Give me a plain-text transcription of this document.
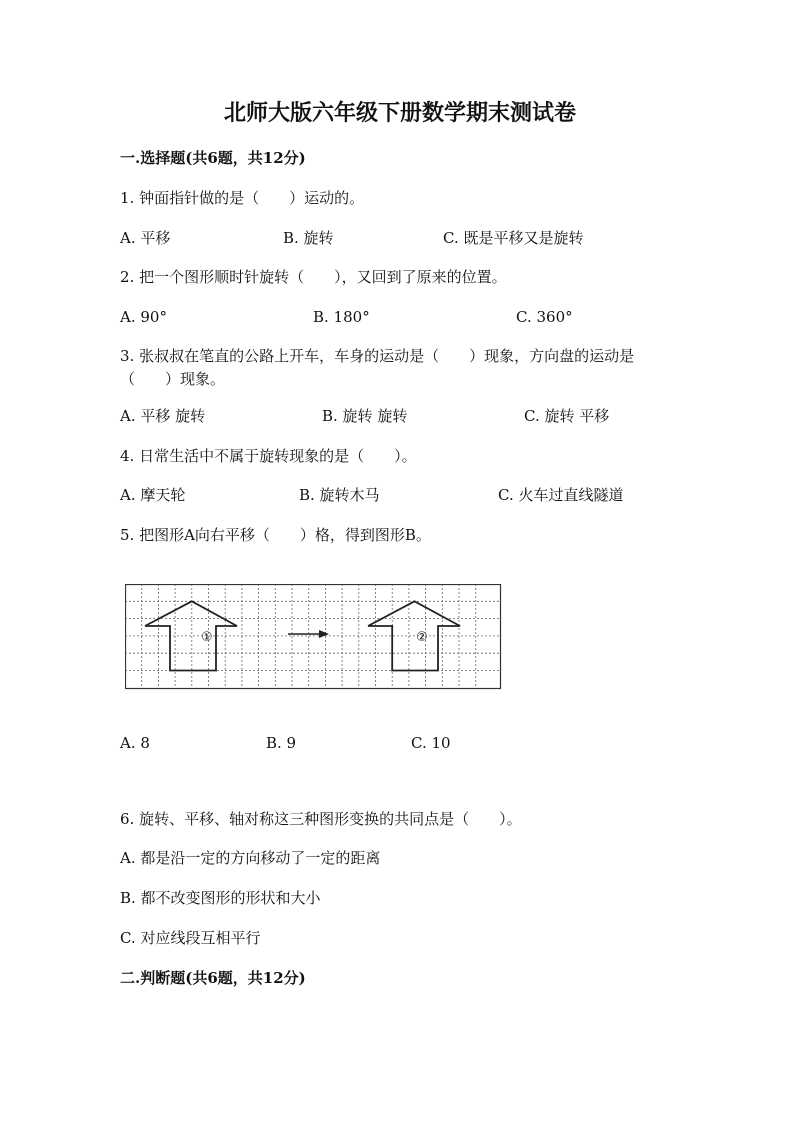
北师大版六年级下册数学期末测试卷
一.选择题(共6题，共12分)
1. 钟面指针做的是（　　）运动的。
A. 平移	B. 旋转	C. 既是平移又是旋转
2. 把一个图形顺时针旋转（　　），又回到了原来的位置。
A. 90°	B. 180°	C. 360°
3. 张叔叔在笔直的公路上开车，车身的运动是（　　）现象，方向盘的运动是
（　　）现象。
A. 平移 旋转	B. 旋转 旋转	C. 旋转 平移
4. 日常生活中不属于旋转现象的是（　　）。
A. 摩天轮	B. 旋转木马	C. 火车过直线隧道
5. 把图形A向右平移（　　）格，得到图形B。
①	②
A. 8	B. 9	C. 10
6. 旋转、平移、轴对称这三种图形变换的共同点是（　　）。
A. 都是沿一定的方向移动了一定的距离
B. 都不改变图形的形状和大小
C. 对应线段互相平行
二.判断题(共6题，共12分)
